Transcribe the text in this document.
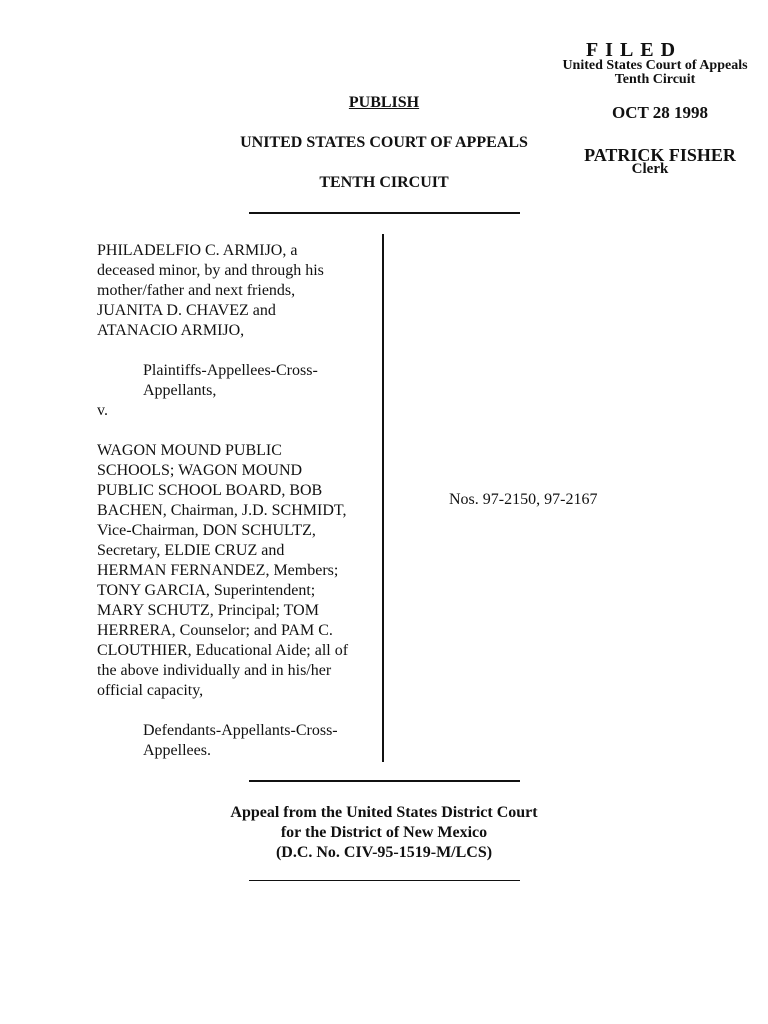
FILED
United States Court of Appeals
Tenth Circuit
OCT 28 1998
PATRICK FISHER
Clerk
PUBLISH
UNITED STATES COURT OF APPEALS
TENTH CIRCUIT

PHILADELFIO C. ARMIJO, a

deceased minor, by and through his

mother/father and next friends,

JUANITA D. CHAVEZ and

ATANACIO ARMIJO,

Plaintiffs-Appellees-Cross-

Appellants,

v.

WAGON MOUND PUBLIC

SCHOOLS; WAGON MOUND

PUBLIC SCHOOL BOARD, BOB

BACHEN, Chairman, J.D. SCHMIDT,

Vice-Chairman, DON SCHULTZ,

Secretary, ELDIE CRUZ and

HERMAN FERNANDEZ, Members;

TONY GARCIA, Superintendent;

MARY SCHUTZ, Principal; TOM

HERRERA, Counselor; and PAM C.

CLOUTHIER, Educational Aide; all of

the above individually and in his/her

official capacity,

Defendants-Appellants-Cross-

Appellees.

Nos. 97-2150, 97-2167
Appeal from the United States District Court
for the District of New Mexico
(D.C. No. CIV-95-1519-M/LCS)
